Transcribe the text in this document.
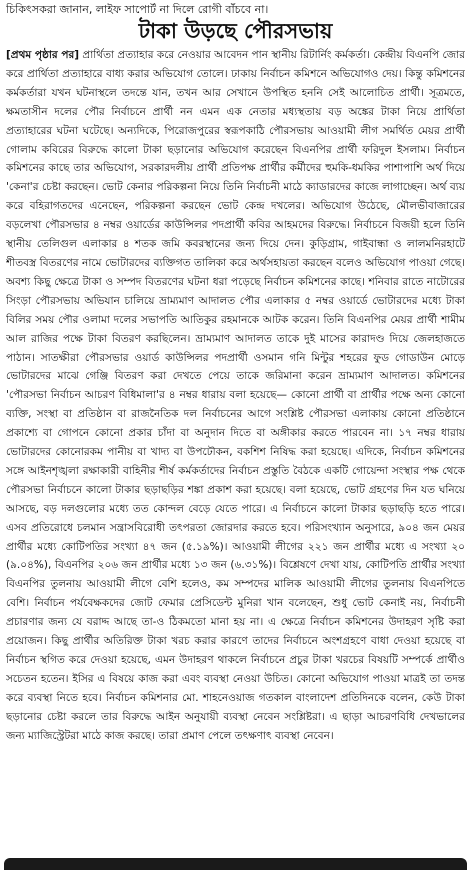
চিকিৎসকরা জানান, লাইফ সাপোর্ট না দিলে রোগী বাঁচবে না।
টাকা উড়ছে পৌরসভায়
[প্রথম পৃষ্ঠার পর] প্রার্থিতা প্রত্যাহার করে নেওয়ার আবেদন পান স্থানীয় রিটার্নিং কর্মকর্তা। কেন্দ্রীয় বিএনপি জোর করে প্রার্থিতা প্রত্যাহারে বাধ্য করার অভিযোগ তোলে। ঢাকায় নির্বাচন কমিশনে অভিযোগও দেয়। কিন্তু কমিশনের কর্মকর্তারা যখন ঘটনাস্থলে তদন্তে যান, তখন আর সেখানে উপস্থিত হননি সেই আলোচিত প্রার্থী। সূত্রমতে, ক্ষমতাসীন দলের পৌর নির্বাচনে প্রার্থী নন এমন এক নেতার মধ্যস্থতায় বড় অঙ্কের টাকা নিয়ে প্রার্থিতা প্রত্যাহারের ঘটনা ঘটেছে। অন্যদিকে, পিরোজপুরের স্বরূপকাঠি পৌরসভায় আওয়ামী লীগ সমর্থিত মেয়র প্রার্থী গোলাম কবিরের বিরুদ্ধে কালো টাকা ছড়ানোর অভিযোগ করেছেন বিএনপির প্রার্থী ফরিদুল ইসলাম। নির্বাচন কমিশনের কাছে তার অভিযোগ, সরকারদলীয় প্রার্থী প্রতিপক্ষ প্রার্থীর কর্মীদের হুমকি-ধমকির পাশাপাশি অর্থ দিয়ে 'কেনা'র চেষ্টা করছেন। ভোট কেনার পরিকল্পনা নিয়ে তিনি নির্বাচনী মাঠে ক্যাডারদের কাজে লাগাচ্ছেন। অর্থ ব্যয় করে বহিরাগতদের এনেছেন, পরিকল্পনা করছেন ভোট কেন্দ্র দখলের। অভিযোগ উঠেছে, মৌলভীবাজারের বড়লেখা পৌরসভার ৪ নম্বর ওয়ার্ডের কাউন্সিলর পদপ্রার্থী কবির আহমদের বিরুদ্ধে। নির্বাচনে বিজয়ী হলে তিনি স্থানীয় তেলিগুল এলাকার ৪ শতক জমি কবরস্থানের জন্য দিয়ে দেন। কুড়িগ্রাম, গাইবান্ধা ও লালমনিরহাটে শীতবস্ত্র বিতরণের নামে ভোটারদের ব্যক্তিগত তালিকা করে অর্থসহায়তা করছেন বলেও অভিযোগ পাওয়া গেছে। অবশ্য কিছু ক্ষেত্রে টাকা ও সম্পদ বিতরণের ঘটনা ধরা পড়েছে নির্বাচন কমিশনের কাছে। শনিবার রাতে নাটোরের সিংড়া পৌরসভায় অভিযান চালিয়ে ভ্রাম্যমাণ আদালত পৌর এলাকার ৫ নম্বর ওয়ার্ডে ভোটারদের মধ্যে টাকা বিলির সময় পৌর ওলামা দলের সভাপতি আতিকুর রহমানকে আটক করেন। তিনি বিএনপির মেয়র প্রার্থী শামীম আল রাজির পক্ষে টাকা বিতরণ করছিলেন। ভ্রাম্যমাণ আদালত তাকে দুই মাসের কারাদণ্ড দিয়ে জেলহাজতে পাঠান। সাতক্ষীরা পৌরসভার ওয়ার্ড কাউন্সিলর পদপ্রার্থী ওসমান গনি মিন্টুর শহরের ফুড গোডাউন মোড়ে ভোটারদের মাঝে গেঞ্জি বিতরণ করা দেখতে পেয়ে তাকে জরিমানা করেন ভ্রাম্যমাণ আদালত। কমিশনের 'পৌরসভা নির্বাচন আচরণ বিধিমালা'র ৪ নম্বর ধারায় বলা হয়েছে— কোনো প্রার্থী বা প্রার্থীর পক্ষে অন্য কোনো ব্যক্তি, সংস্থা বা প্রতিষ্ঠান বা রাজনৈতিক দল নির্বাচনের আগে সংশ্লিষ্ট পৌরসভা এলাকায় কোনো প্রতিষ্ঠানে প্রকাশ্যে বা গোপনে কোনো প্রকার চাঁদা বা অনুদান দিতে বা অঙ্গীকার করতে পারবেন না। ১৭ নম্বর ধারায় ভোটারদের কোনোরকম পানীয় বা খাদ্য বা উপঢৌকন, বকশিশ নিষিদ্ধ করা হয়েছে। এদিকে, নির্বাচন কমিশনের সঙ্গে আইনশৃঙ্খলা রক্ষাকারী বাহিনীর শীর্ষ কর্মকর্তাদের নির্বাচন প্রস্তুতি বৈঠকে একটি গোয়েন্দা সংস্থার পক্ষ থেকে পৌরসভা নির্বাচনে কালো টাকার ছড়াছড়ির শঙ্কা প্রকাশ করা হয়েছে। বলা হয়েছে, ভোট গ্রহণের দিন যত ঘনিয়ে আসছে, বড় দলগুলোর মধ্যে তত কোন্দল বেড়ে যেতে পারে। এ নির্বাচনে কালো টাকার ছড়াছড়ি হতে পারে। এসব প্রতিরোধে চলমান সন্ত্রাসবিরোধী তৎপরতা জোরদার করতে হবে। পরিসংখ্যান অনুসারে, ৯০৪ জন মেয়র প্রার্থীর মধ্যে কোটিপতির সংখ্যা ৪৭ জন (৫.১৯%)। আওয়ামী লীগের ২২১ জন প্রার্থীর মধ্যে এ সংখ্যা ২০ (৯.০৪%), বিএনপির ২০৬ জন প্রার্থীর মধ্যে ১৩ জন (৬.৩১%)। বিশ্লেষণে দেখা যায়, কোটিপতি প্রার্থীর সংখ্যা বিএনপির তুলনায় আওয়ামী লীগে বেশি হলেও, কম সম্পদের মালিক আওয়ামী লীগের তুলনায় বিএনপিতে বেশি। নির্বাচন পর্যবেক্ষকদের জোট ফেমার প্রেসিডেন্ট মুনিরা খান বলেছেন, শুধু ভোট কেনাই নয়, নির্বাচনী প্রচারণার জন্য যে বরাদ্দ আছে তা-ও ঠিকমতো মানা হয় না। এ ক্ষেত্রে নির্বাচন কমিশনের উদাহরণ সৃষ্টি করা প্রয়োজন। কিছু প্রার্থীর অতিরিক্ত টাকা খরচ করার কারণে তাদের নির্বাচনে অংশগ্রহণে বাধা দেওয়া হয়েছে বা নির্বাচন স্থগিত করে দেওয়া হয়েছে, এমন উদাহরণ থাকলে নির্বাচনে প্রচুর টাকা খরচের বিষয়টি সম্পর্কে প্রার্থীও সচেতন হতেন। ইসির এ বিষয়ে কাজ করা এবং ব্যবস্থা নেওয়া উচিত। কোনো অভিযোগ পাওয়া মাত্রই তা তদন্ত করে ব্যবস্থা নিতে হবে। নির্বাচন কমিশনার মো. শাহনেওয়াজ গতকাল বাংলাদেশ প্রতিদিনকে বলেন, কেউ টাকা ছড়ানোর চেষ্টা করলে তার বিরুদ্ধে আইন অনুযায়ী ব্যবস্থা নেবেন সংশ্লিষ্টরা। এ ছাড়া আচরণবিধি দেখভালের জন্য ম্যাজিস্ট্রেটরা মাঠে কাজ করছে। তারা প্রমাণ পেলে তৎক্ষণাৎ ব্যবস্থা নেবেন।
